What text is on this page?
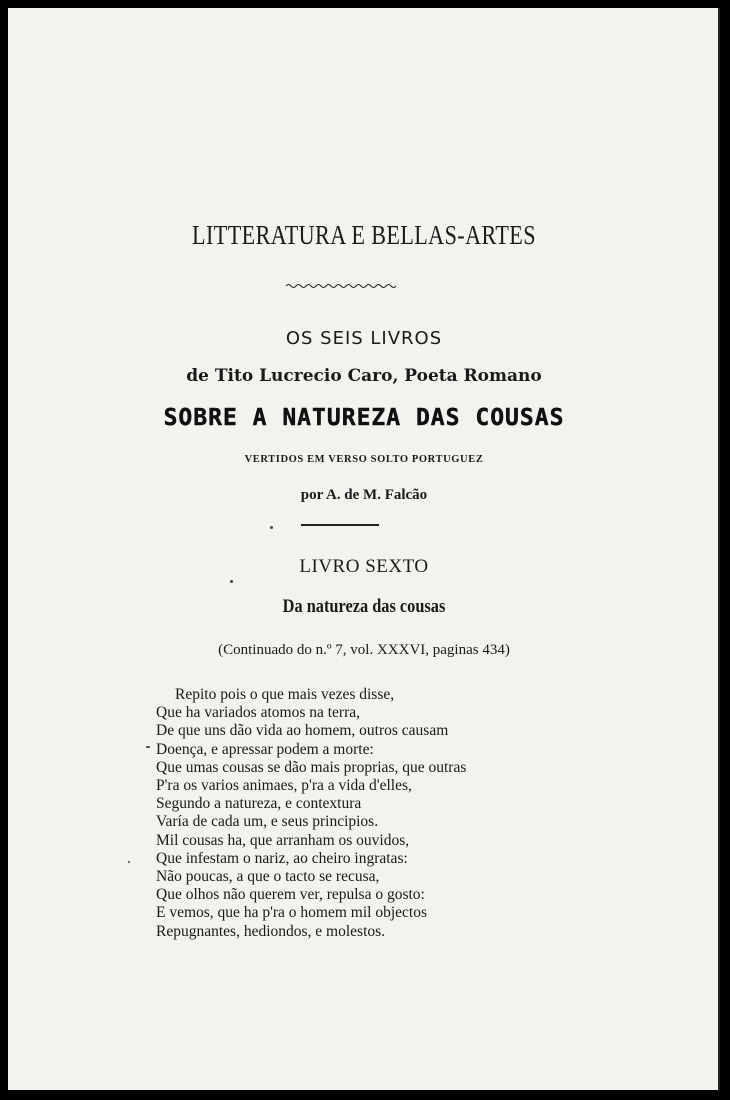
LITTERATURA E BELLAS-ARTES
OS SEIS LIVROS
de Tito Lucrecio Caro, Poeta Romano
SOBRE A NATUREZA DAS COUSAS
VERTIDOS EM VERSO SOLTO PORTUGUEZ
por A. de M. Falcão
LIVRO SEXTO
Da natureza das cousas
(Continuado do n.º 7, vol. XXXVI, paginas 434)
Repito pois o que mais vezes disse,
Que ha variados atomos na terra,
De que uns dão vida ao homem, outros causam
Doença, e apressar podem a morte:
Que umas cousas se dão mais proprias, que outras
P'ra os varios animaes, p'ra a vida d'elles,
Segundo a natureza, e contextura
Varía de cada um, e seus principios.
Mil cousas ha, que arranham os ouvidos,
Que infestam o nariz, ao cheiro ingratas:
Não poucas, a que o tacto se recusa,
Que olhos não querem ver, repulsa o gosto:
E vemos, que ha p'ra o homem mil objectos
Repugnantes, hediondos, e molestos.
